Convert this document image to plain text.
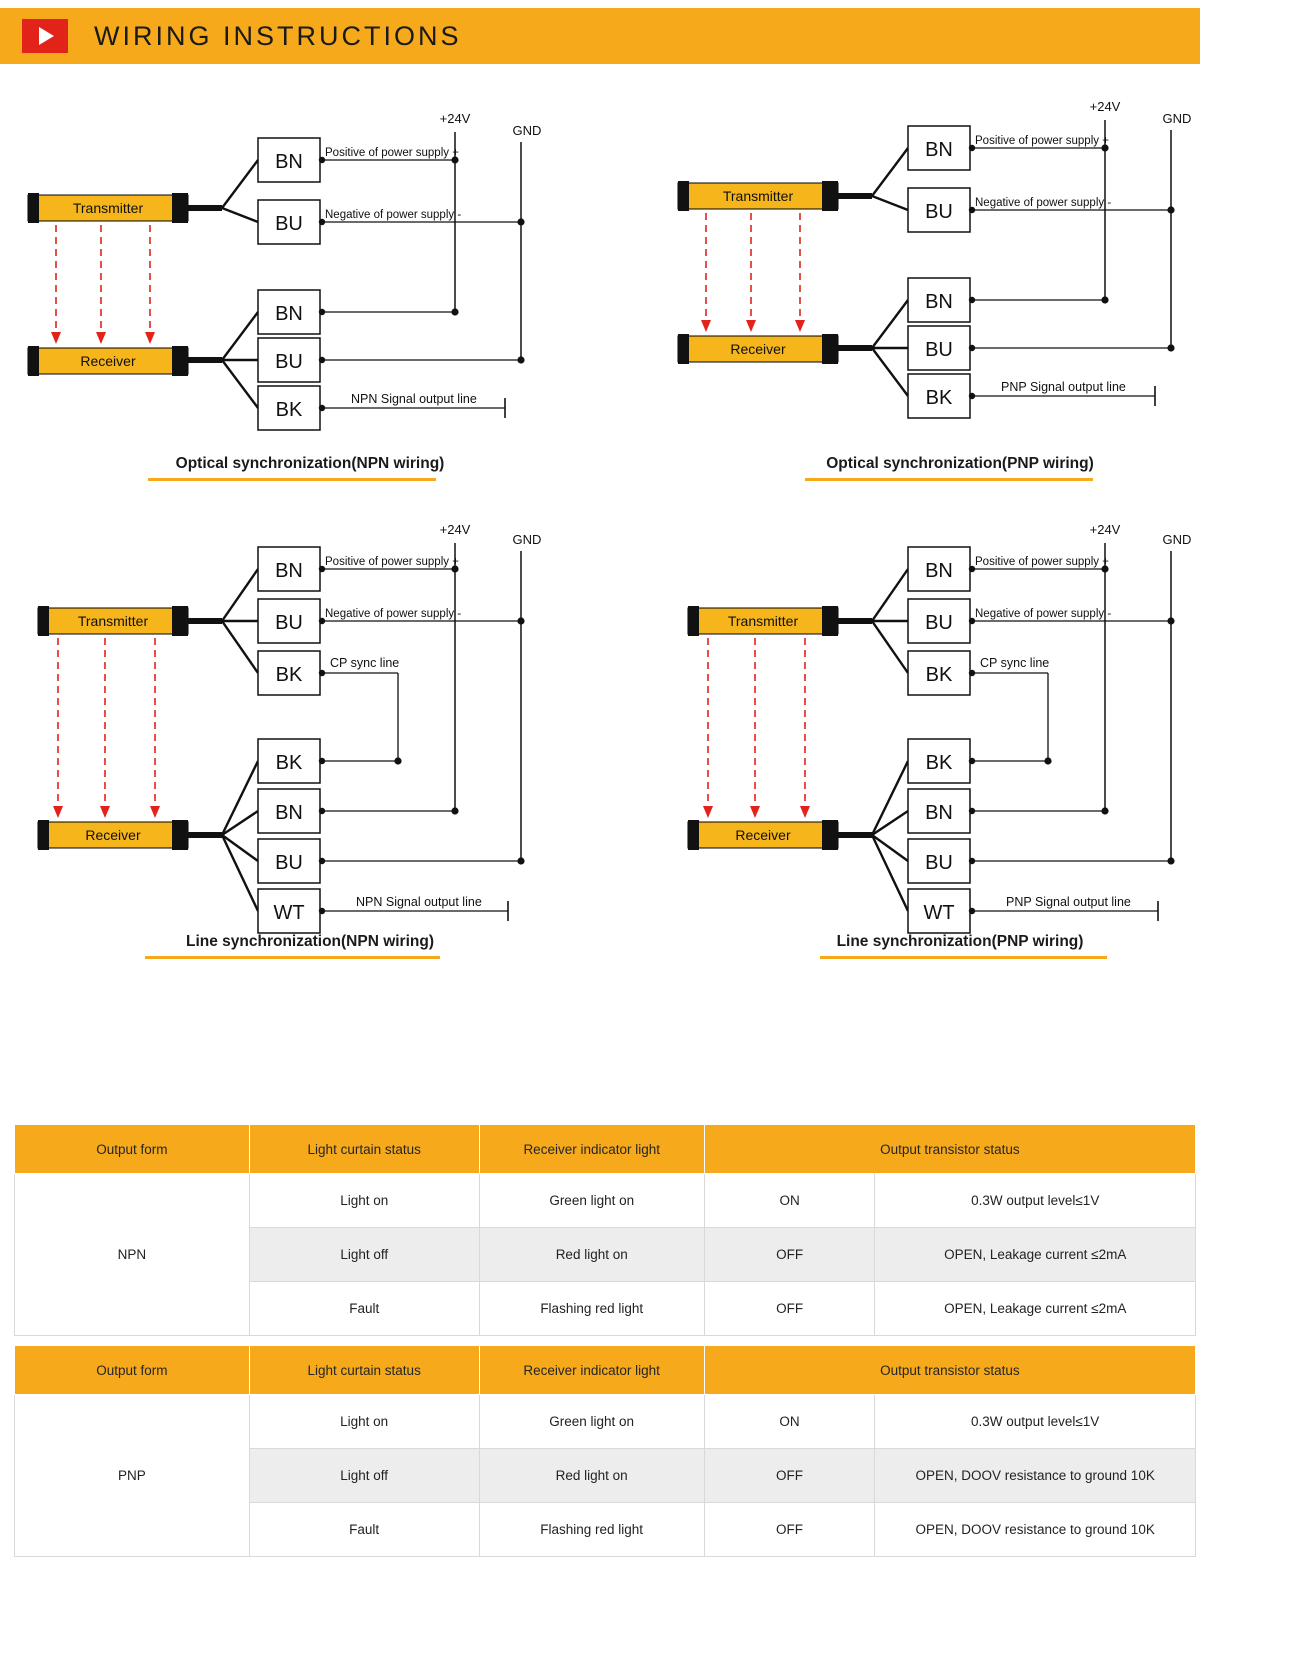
WIRING INSTRUCTIONS
Transmitter
Receiver
BN
BU
BN
BU
BK
+24V
GND
Positive of power supply +
Negative of power supply -
NPN Signal output line
Optical synchronization(NPN wiring)
Transmitter
Receiver
BN
BU
BN
BU
BK
+24V
GND
Positive of power supply +
Negative of power supply -
PNP Signal output line
Optical synchronization(PNP wiring)
Transmitter
Receiver
BN
BU
BK
BK
BN
BU
WT
+24V
GND
Positive of power supply +
Negative of power supply -
CP sync line
NPN Signal output line
Line synchronization(NPN wiring)
Transmitter
Receiver
BN
BU
BK
BK
BN
BU
WT
+24V
GND
Positive of power supply +
Negative of power supply -
CP sync line
PNP Signal output line
Line synchronization(PNP wiring)
Output form	Light curtain status	Receiver indicator light	Output transistor status	
NPN	Light on	Green light on	ON	0.3W output level≤1V
	Light off	Red light on	OFF	OPEN, Leakage current ≤2mA
	Fault	Flashing red light	OFF	OPEN, Leakage current ≤2mA
Output form	Light curtain status	Receiver indicator light	Output transistor status	
PNP	Light on	Green light on	ON	0.3W output level≤1V
	Light off	Red light on	OFF	OPEN, DOOV resistance to ground 10K
	Fault	Flashing red light	OFF	OPEN, DOOV resistance to ground 10K
